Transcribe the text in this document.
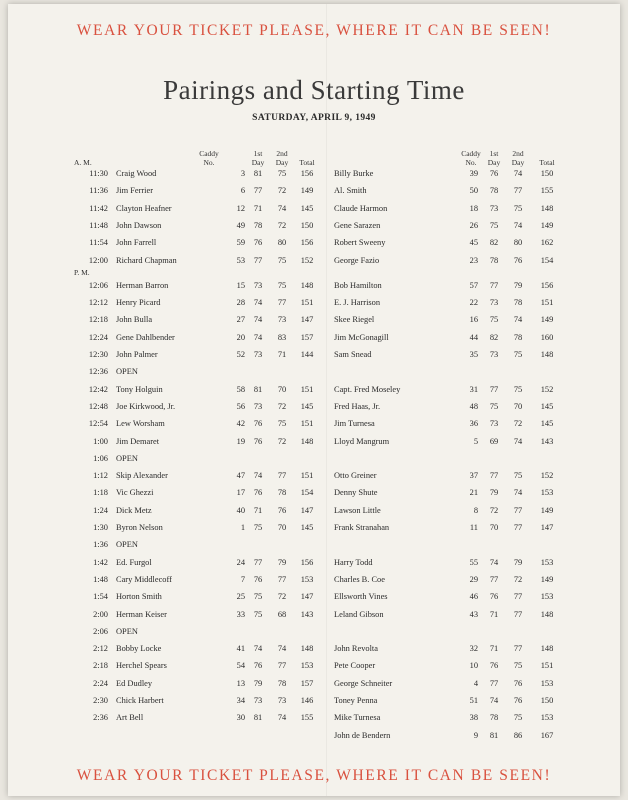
WEAR YOUR TICKET PLEASE, WHERE IT CAN BE SEEN!
Pairings and Starting Time
SATURDAY, APRIL 9, 1949
Caddy No.
1st Day
2nd Day	Total
Caddy No.
1st Day
2nd Day	Total
A. M.
P. M.
11:30 Craig Wood	3 81 75	156	Billy Burke	39 76 74	150
11:36 Jim Ferrier	6 77 72	149	Al. Smith	50 78 77	155
11:42 Clayton Heafner	12 71 74	145	Claude Harmon	18 73 75	148
11:48 John Dawson	49 78 72	150	Gene Sarazen	26 75 74	149
11:54 John Farrell	59 76 80	156	Robert Sweeny	45 82 80	162
12:00 Richard Chapman	53 77 75	152	George Fazio	23 78 76	154
12:06 Herman Barron	15 73 75	148	Bob Hamilton	57 77 79	156
12:12 Henry Picard	28 74 77	151	E. J. Harrison	22 73 78	151
12:18 John Bulla	27 74 73	147	Skee Riegel	16 75 74	149
12:24 Gene Dahlbender	20 74 83	157	Jim McGonagill	44 82 78	160
12:30 John Palmer	52 73 71	144	Sam Snead	35 73 75	148
12:36 OPEN
12:42 Tony Holguin	58 81 70	151	Capt. Fred Moseley	31 77 75	152
12:48 Joe Kirkwood, Jr.	56 73 72	145	Fred Haas, Jr.	48 75 70	145
12:54 Lew Worsham	42 76 75	151	Jim Turnesa	36 73 72	145
1:00 Jim Demaret	19 76 72	148	Lloyd Mangrum	5 69 74	143
1:06 OPEN
1:12 Skip Alexander	47 74 77	151	Otto Greiner	37 77 75	152
1:18 Vic Ghezzi	17 76 78	154	Denny Shute	21 79 74	153
1:24 Dick Metz	40 71 76	147	Lawson Little	8 72 77	149
1:30 Byron Nelson	1 75 70	145	Frank Stranahan	11 70 77	147
1:36 OPEN
1:42 Ed. Furgol	24 77 79	156	Harry Todd	55 74 79	153
1:48 Cary Middlecoff	7 76 77	153	Charles B. Coe	29 77 72	149
1:54 Horton Smith	25 75 72	147	Ellsworth Vines	46 76 77	153
2:00 Herman Keiser	33 75 68	143	Leland Gibson	43 71 77	148
2:06 OPEN
2:12 Bobby Locke	41 74 74	148	John Revolta	32 71 77	148
2:18 Herchel Spears	54 76 77	153	Pete Cooper	10 76 75	151
2:24 Ed Dudley	13 79 78	157	George Schneiter	4 77 76	153
2:30 Chick Harbert	34 73 73	146	Toney Penna	51 74 76	150
2:36 Art Bell	30 81 74	155	Mike Turnesa	38 78 75	153
John de Bendern	9 81 86	167
WEAR YOUR TICKET PLEASE, WHERE IT CAN BE SEEN!
